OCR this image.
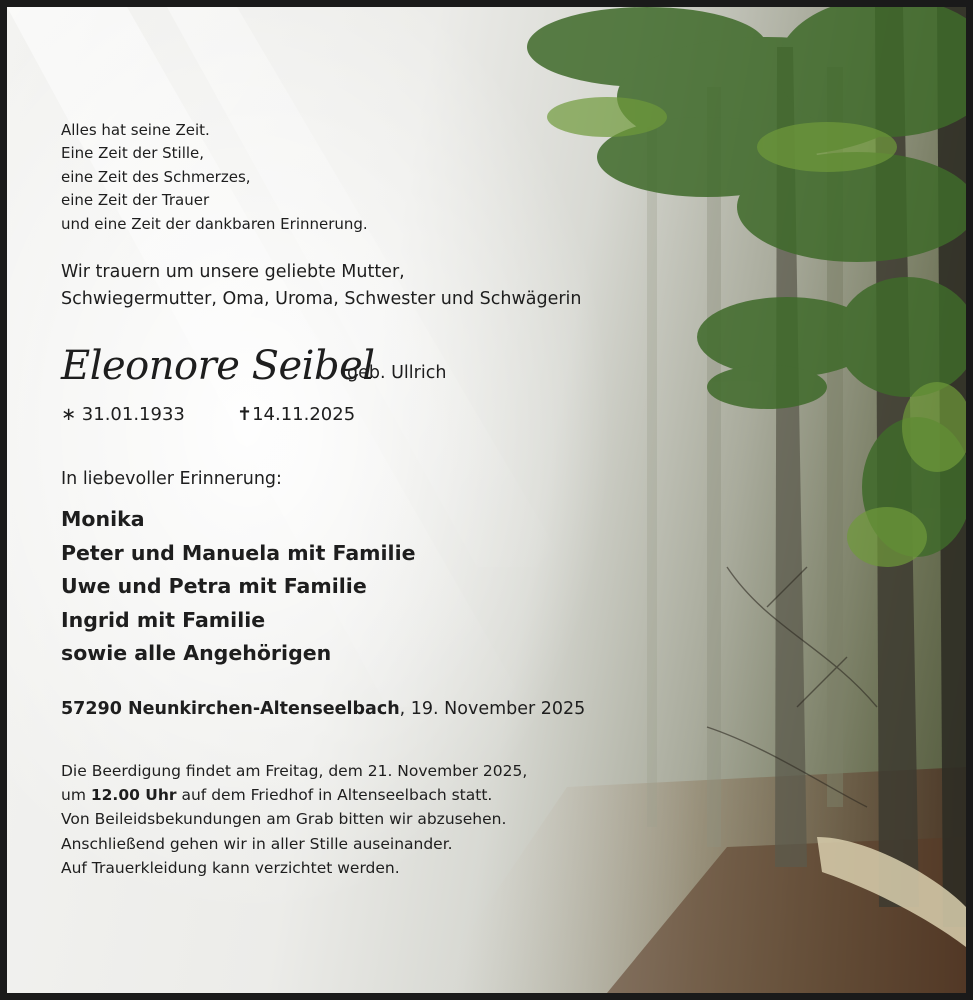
Alles hat seine Zeit.
Eine Zeit der Stille,
eine Zeit des Schmerzes,
eine Zeit der Trauer
und eine Zeit der dankbaren Erinnerung.
Wir trauern um unsere geliebte Mutter,
Schwiegermutter, Oma, Uroma, Schwester und Schwägerin
Eleonore Seibel
geb. Ullrich
∗ 31.01.1933	✝14.11.2025
In liebevoller Erinnerung:
Monika
Peter und Manuela mit Familie
Uwe und Petra mit Familie
Ingrid mit Familie
sowie alle Angehörigen
57290 Neunkirchen-Altenseelbach, 19. November 2025
Die Beerdigung findet am Freitag, dem 21. November 2025,
um 12.00 Uhr auf dem Friedhof in Altenseelbach statt.
Von Beileidsbekundungen am Grab bitten wir abzusehen.
Anschließend gehen wir in aller Stille auseinander.
Auf Trauerkleidung kann verzichtet werden.
